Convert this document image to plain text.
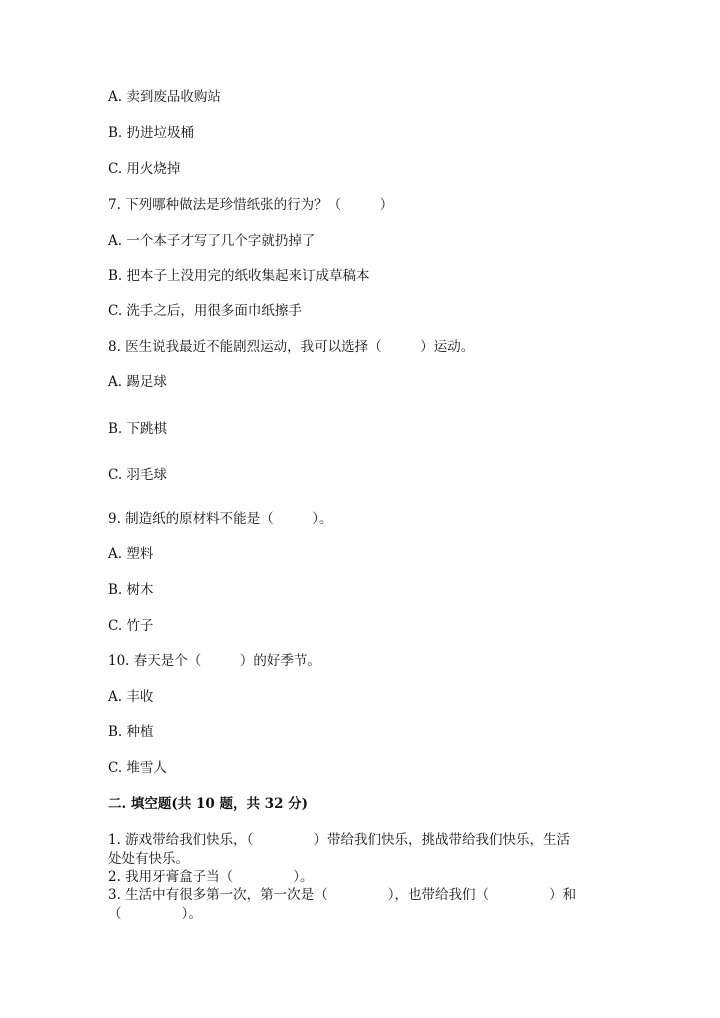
A. 卖到废品收购站
B. 扔进垃圾桶
C. 用火烧掉
7. 下列哪种做法是珍惜纸张的行为？（         ）
A. 一个本子才写了几个字就扔掉了
B. 把本子上没用完的纸收集起来订成草稿本
C. 洗手之后，用很多面巾纸擦手
8. 医生说我最近不能剧烈运动，我可以选择（         ）运动。
A. 踢足球
B. 下跳棋
C. 羽毛球
9. 制造纸的原材料不能是（         ）。
A. 塑料
B. 树木
C. 竹子
10. 春天是个（         ）的好季节。
A. 丰收
B. 种植
C. 堆雪人
二. 填空题(共 10 题，共 32 分)
1. 游戏带给我们快乐，（              ）带给我们快乐，挑战带给我们快乐，生活
处处有快乐。
2. 我用牙膏盒子当（              ）。
3. 生活中有很多第一次，第一次是（              ），也带给我们（              ）和
（              ）。
